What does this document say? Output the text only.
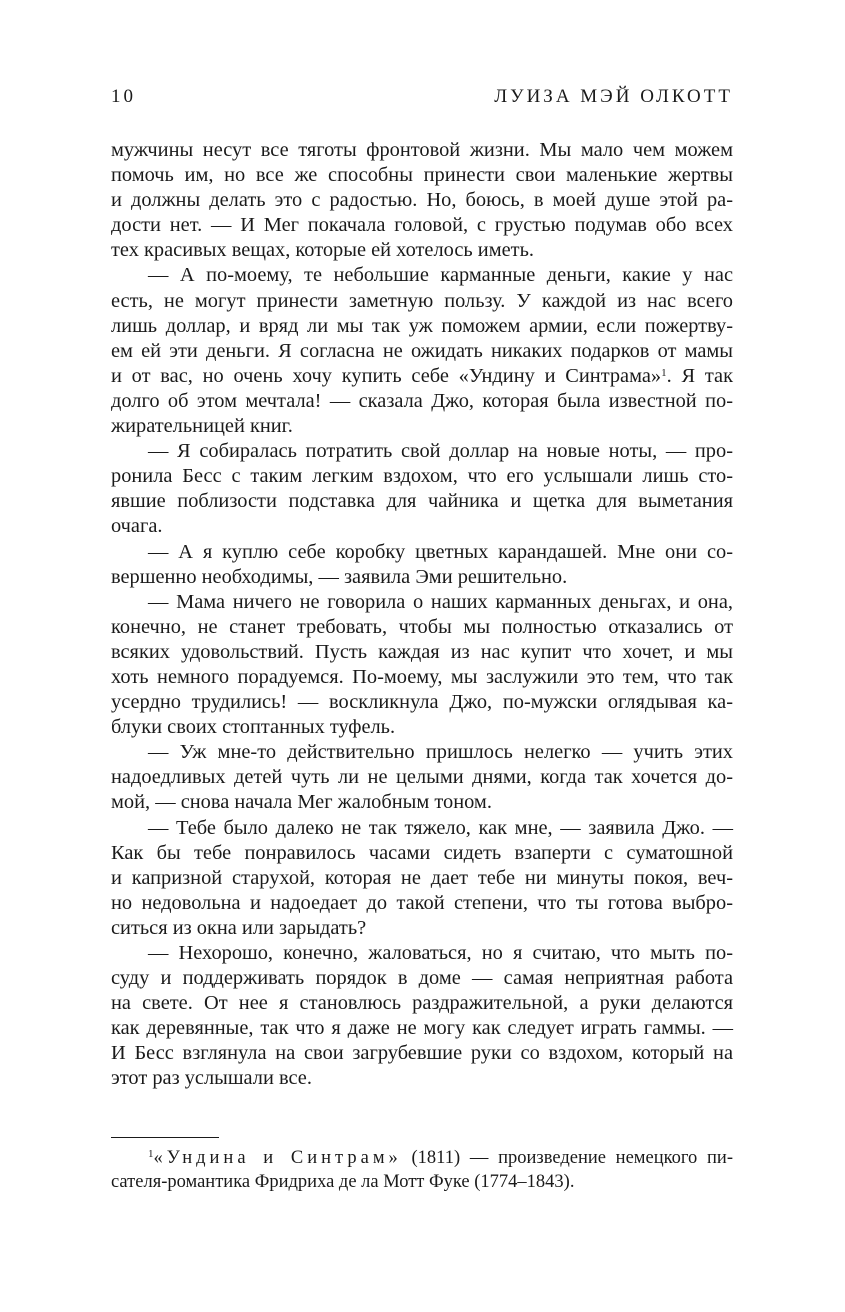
10	ЛУИЗА МЭЙ ОЛКОТТ
мужчины несут все тяготы фронтовой жизни. Мы мало чем можем
помочь им, но все же способны принести свои маленькие жертвы
и должны делать это с радостью. Но, боюсь, в моей душе этой ра-
дости нет. — И Мег покачала головой, с грустью подумав обо всех
тех красивых вещах, которые ей хотелось иметь.
— А по-моему, те небольшие карманные деньги, какие у нас
есть, не могут принести заметную пользу. У каждой из нас всего
лишь доллар, и вряд ли мы так уж поможем армии, если пожертву-
ем ей эти деньги. Я согласна не ожидать никаких подарков от мамы
и от вас, но очень хочу купить себе «Ундину и Синтрама»$^1$. Я так
долго об этом мечтала! — сказала Джо, которая была известной по-
жирательницей книг.
— Я собиралась потратить свой доллар на новые ноты, — про-
ронила Бесс с таким легким вздохом, что его услышали лишь сто-
явшие поблизости подставка для чайника и щетка для выметания
очага.
— А я куплю себе коробку цветных карандашей. Мне они со-
вершенно необходимы, — заявила Эми решительно.
— Мама ничего не говорила о наших карманных деньгах, и она,
конечно, не станет требовать, чтобы мы полностью отказались от
всяких удовольствий. Пусть каждая из нас купит что хочет, и мы
хоть немного порадуемся. По-моему, мы заслужили это тем, что так
усердно трудились! — воскликнула Джо, по-мужски оглядывая ка-
блуки своих стоптанных туфель.
— Уж мне-то действительно пришлось нелегко — учить этих
надоедливых детей чуть ли не целыми днями, когда так хочется до-
мой, — снова начала Мег жалобным тоном.
— Тебе было далеко не так тяжело, как мне, — заявила Джо. —
Как бы тебе понравилось часами сидеть взаперти с суматошной
и капризной старухой, которая не дает тебе ни минуты покоя, веч-
но недовольна и надоедает до такой степени, что ты готова выбро-
ситься из окна или зарыдать?
— Нехорошо, конечно, жаловаться, но я считаю, что мыть по-
суду и поддерживать порядок в доме — самая неприятная работа
на свете. От нее я становлюсь раздражительной, а руки делаются
как деревянные, так что я даже не могу как следует играть гаммы. —
И Бесс взглянула на свои загрубевшие руки со вздохом, который на
этот раз услышали все.
$^1$«Ундина и Синтрам» (1811) — произведение немецкого пи-
сателя-романтика Фридриха де ла Мотт Фуке (1774–1843).
